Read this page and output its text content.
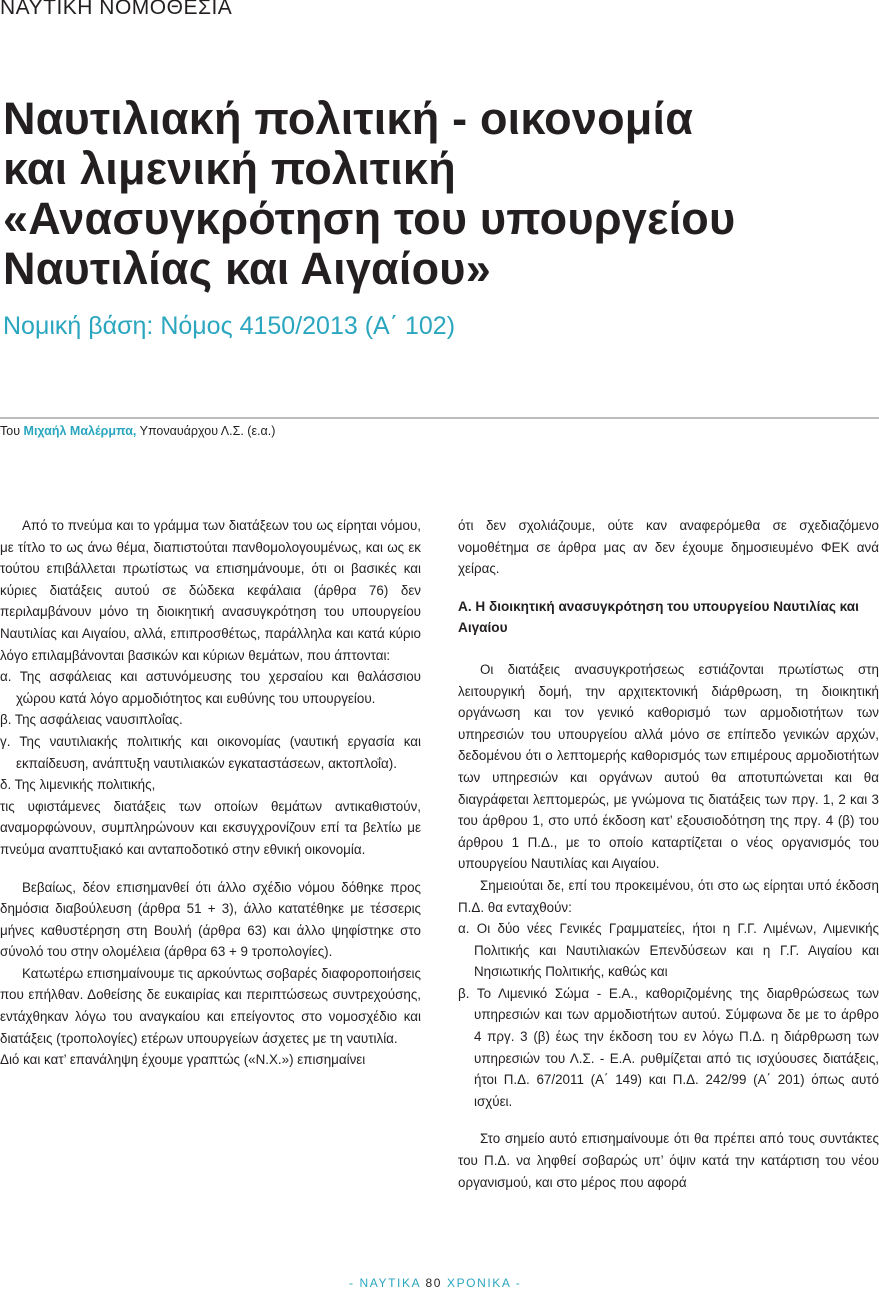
ΝΑΥΤΙΚΗ ΝΟΜΟΘΕΣΙΑ
Ναυτιλιακή πολιτική - οικονομία
και λιμενική πολιτική
«Ανασυγκρότηση του υπουργείου
Ναυτιλίας και Αιγαίου»
Νομική βάση: Νόμος 4150/2013 (Α΄ 102)
Του Μιχαήλ Μαλέρμπα, Υποναυάρχου Λ.Σ. (ε.α.)

Από το πνεύμα και το γράμμα των διατάξεων του ως είρηται νόμου, με τίτλο το ως άνω θέμα, διαπιστούται πανθομολογουμένως, και ως εκ τούτου επιβάλλεται πρωτίστως να επισημάνουμε, ότι οι βασικές και κύριες διατάξεις αυτού σε δώδεκα κεφάλαια (άρθρα 76) δεν περιλαμβάνουν μόνο τη διοικητική ανασυγκρότηση του υπουργείου Ναυτιλίας και Αιγαίου, αλλά, επιπροσθέτως, παράλληλα και κατά κύριο λόγο επιλαμβάνονται βασικών και κύριων θεμάτων, που άπτονται:

α. Της ασφάλειας και αστυνόμευσης του χερσαίου και θαλάσσιου χώρου κατά λόγο αρμοδιότητος και ευθύνης του υπουργείου.

β. Της ασφάλειας ναυσιπλοΐας.

γ. Της ναυτιλιακής πολιτικής και οικονομίας (ναυτική εργασία και εκπαίδευση, ανάπτυξη ναυτιλιακών εγκαταστάσεων, ακτοπλοΐα).

δ. Της λιμενικής πολιτικής,

τις υφιστάμενες διατάξεις των οποίων θεμάτων αντικαθιστούν, αναμορφώνουν, συμπληρώνουν και εκσυγχρονίζουν επί τα βελτίω με πνεύμα αναπτυξιακό και ανταποδοτικό στην εθνική οικονομία.

Βεβαίως, δέον επισημανθεί ότι άλλο σχέδιο νόμου δόθηκε προς δημόσια διαβούλευση (άρθρα 51 + 3), άλλο κατατέθηκε με τέσσερις μήνες καθυστέρηση στη Βουλή (άρθρα 63) και άλλο ψηφίστηκε στο σύνολό του στην ολομέλεια (άρθρα 63 + 9 τροπολογίες).

Κατωτέρω επισημαίνουμε τις αρκούντως σοβαρές διαφοροποιήσεις που επήλθαν. Δοθείσης δε ευκαιρίας και περιπτώσεως συντρεχούσης, εντάχθηκαν λόγω του αναγκαίου και επείγοντος στο νομοσχέδιο και διατάξεις (τροπολογίες) ετέρων υπουργείων άσχετες με τη ναυτιλία.

Διό και κατ’ επανάληψη έχουμε γραπτώς («Ν.Χ.») επισημαίνει

ότι δεν σχολιάζουμε, ούτε καν αναφερόμεθα σε σχεδιαζόμενο νομοθέτημα σε άρθρα μας αν δεν έχουμε δημοσιευμένο ΦΕΚ ανά χείρας.

Α. Η διοικητική ανασυγκρότηση του υπουργείου Ναυτιλίας και Αιγαίου

Οι διατάξεις ανασυγκροτήσεως εστιάζονται πρωτίστως στη λειτουργική δομή, την αρχιτεκτονική διάρθρωση, τη διοικητική οργάνωση και τον γενικό καθορισμό των αρμοδιοτήτων των υπηρεσιών του υπουργείου αλλά μόνο σε επίπεδο γενικών αρχών, δεδομένου ότι ο λεπτομερής καθορισμός των επιμέρους αρμοδιοτήτων των υπηρεσιών και οργάνων αυτού θα αποτυπώνεται και θα διαγράφεται λεπτομερώς, με γνώμονα τις διατάξεις των πργ. 1, 2 και 3 του άρθρου 1, στο υπό έκδοση κατ’ εξουσιοδότηση της πργ. 4 (β) του άρθρου 1 Π.Δ., με το οποίο καταρτίζεται ο νέος οργανισμός του υπουργείου Ναυτιλίας και Αιγαίου.

Σημειούται δε, επί του προκειμένου, ότι στο ως είρηται υπό έκδοση Π.Δ. θα ενταχθούν:

α. Οι δύο νέες Γενικές Γραμματείες, ήτοι η Γ.Γ. Λιμένων, Λιμενικής Πολιτικής και Ναυτιλιακών Επενδύσεων και η Γ.Γ. Αιγαίου και Νησιωτικής Πολιτικής, καθώς και

β. Το Λιμενικό Σώμα - Ε.Α., καθοριζομένης της διαρθρώσεως των υπηρεσιών και των αρμοδιοτήτων αυτού. Σύμφωνα δε με το άρθρο 4 πργ. 3 (β) έως την έκδοση του εν λόγω Π.Δ. η διάρθρωση των υπηρεσιών του Λ.Σ. - Ε.Α. ρυθμίζεται από τις ισχύουσες διατάξεις, ήτοι Π.Δ. 67/2011 (Α΄ 149) και Π.Δ. 242/99 (Α΄ 201) όπως αυτό ισχύει.

Στο σημείο αυτό επισημαίνουμε ότι θα πρέπει από τους συντάκτες του Π.Δ. να ληφθεί σοβαρώς υπ’ όψιν κατά την κατάρτιση του νέου οργανισμού, και στο μέρος που αφορά

- ΝΑΥΤΙΚΑ 80 ΧΡΟΝΙΚΑ -
